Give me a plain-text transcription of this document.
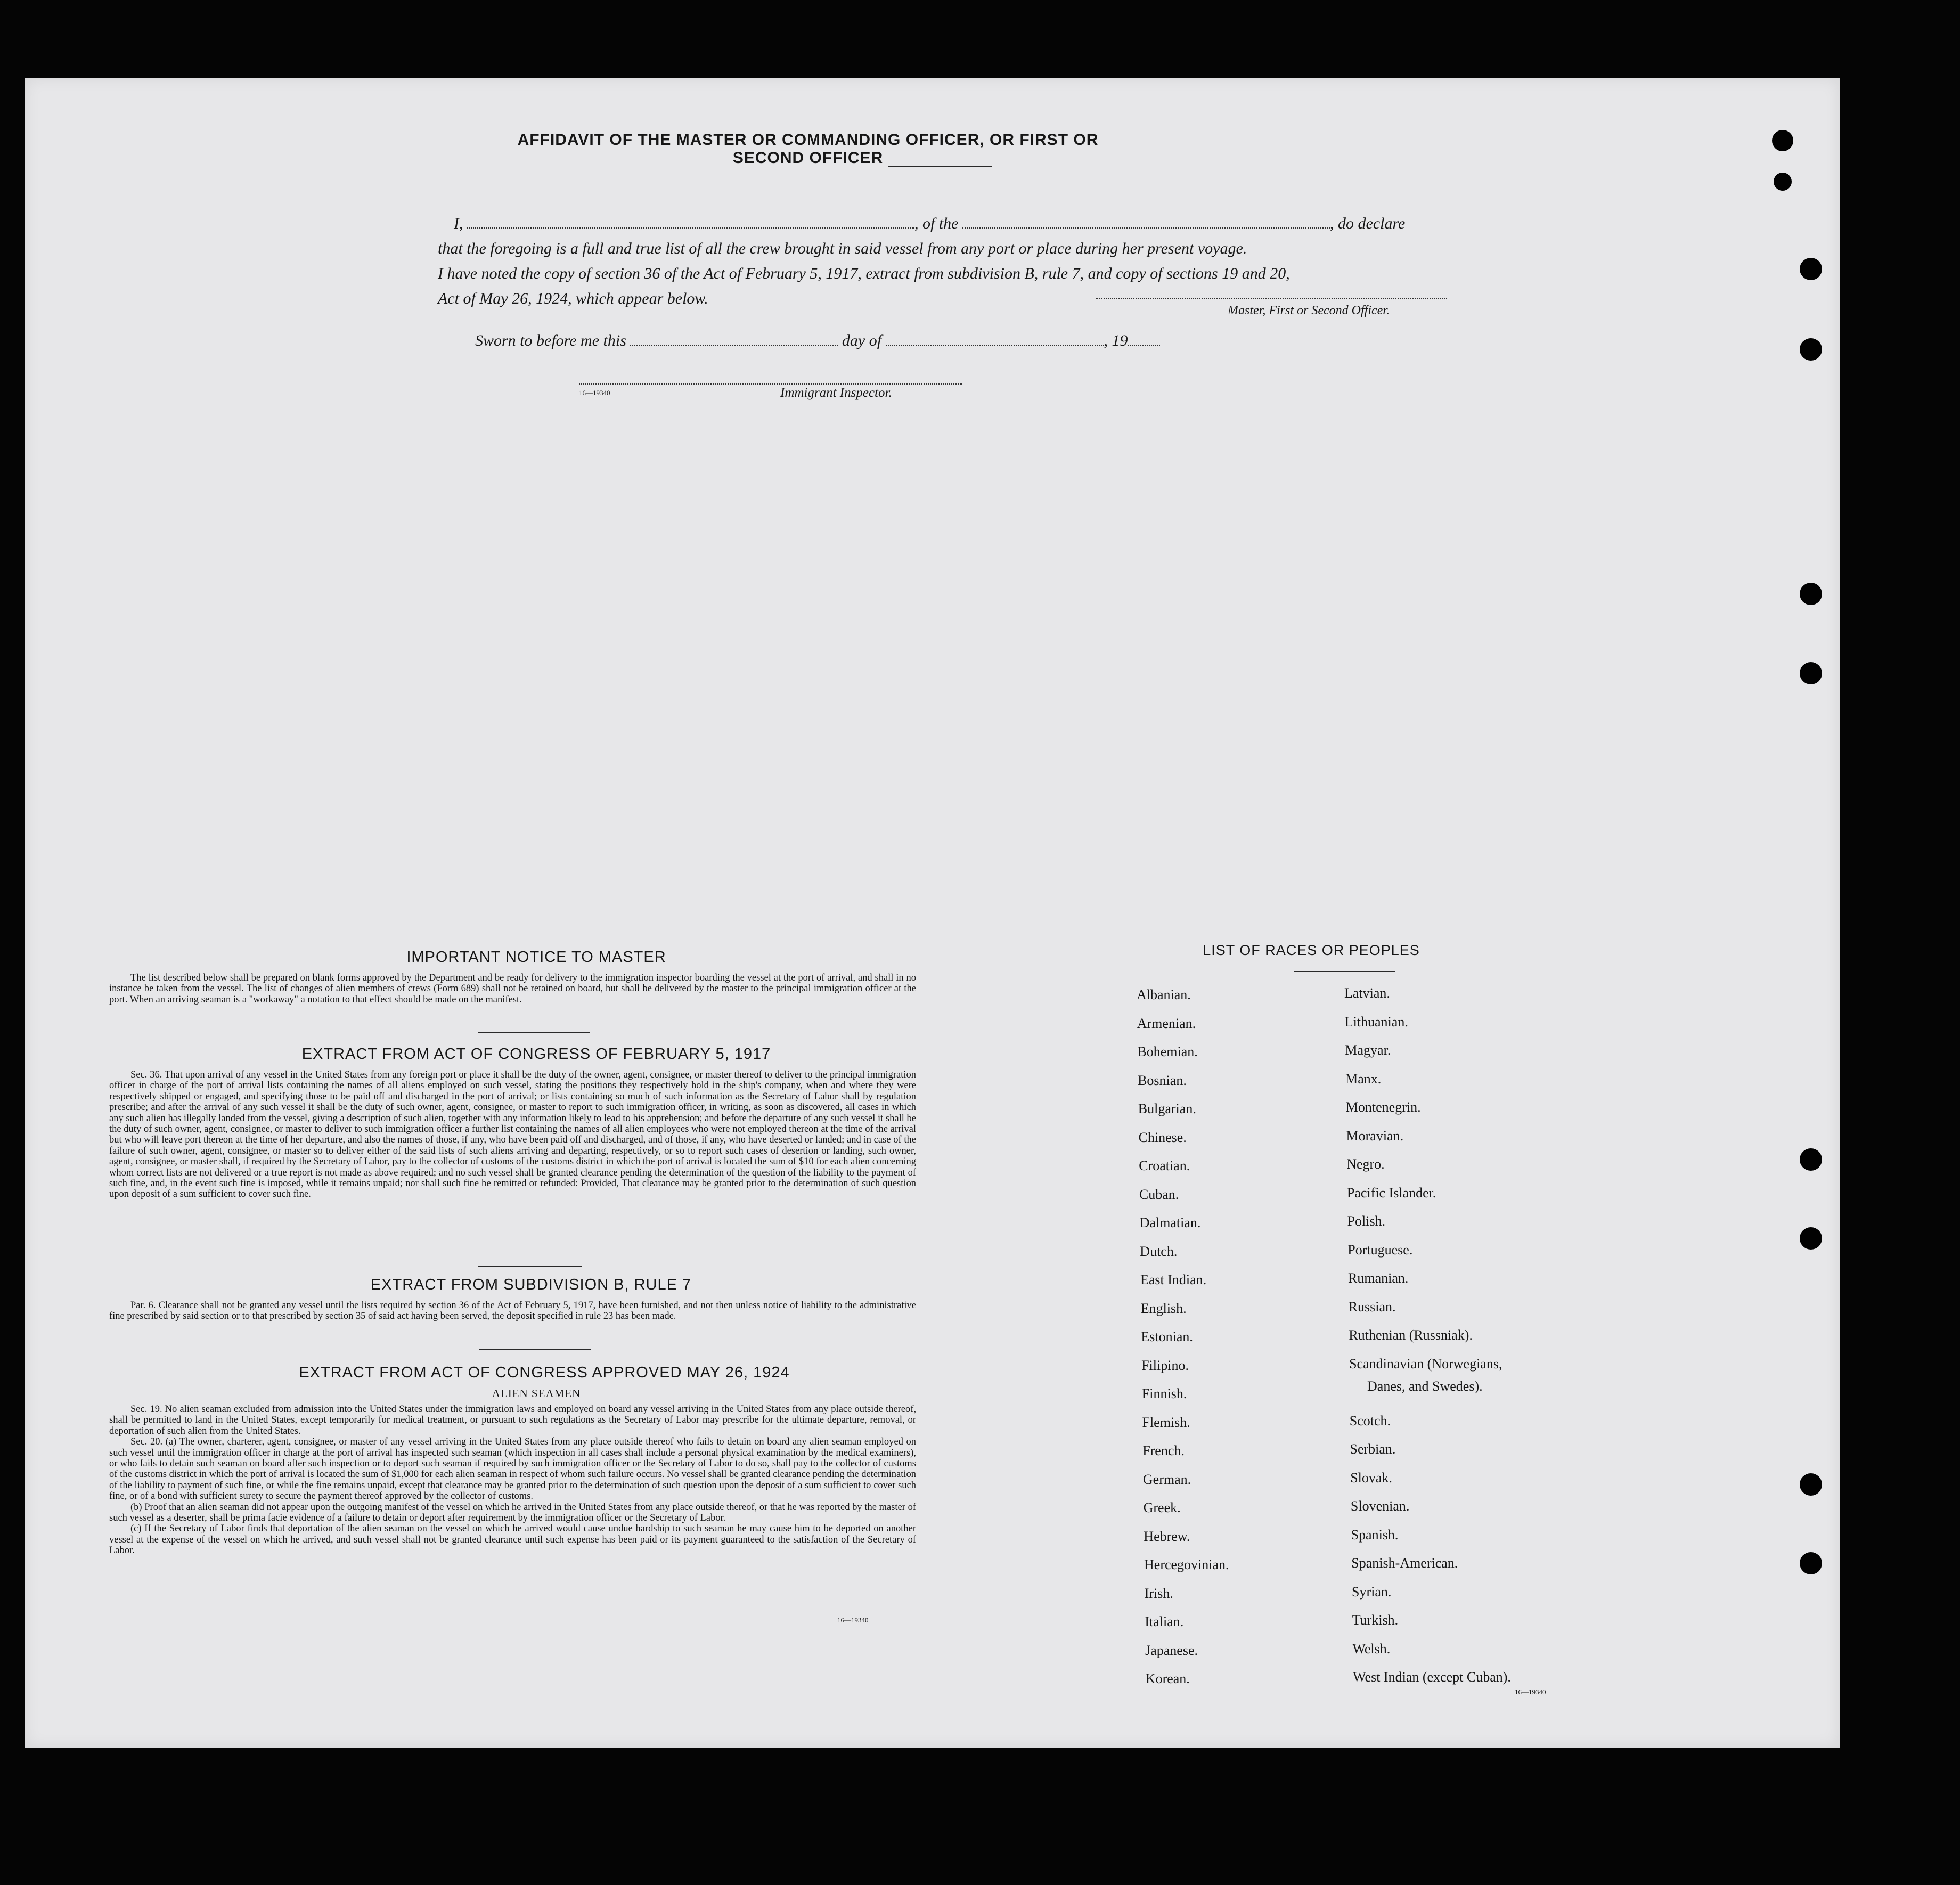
AFFIDAVIT OF THE MASTER OR COMMANDING OFFICER, OR FIRST OR SECOND OFFICER
I,	, of the	, do declare
that the foregoing is a full and true list of all the crew brought in said vessel from any port or place during her present voyage.
I have noted the copy of section 36 of the Act of February 5, 1917, extract from subdivision B, rule 7, and copy of sections 19 and 20,
Act of May 26, 1924, which appear below.
Master, First or Second Officer.
Sworn to before me this	day of	, 19
16—19340	Immigrant Inspector.
IMPORTANT NOTICE TO MASTER

The list described below shall be prepared on blank forms approved by the Department and be ready for delivery to the immigration inspector boarding the vessel at the port of arrival, and shall in no instance be taken from the vessel. The list of changes of alien members of crews (Form 689) shall not be retained on board, but shall be delivered by the master to the principal immigration officer at the port. When an arriving seaman is a "workaway" a notation to that effect should be made on the manifest.

EXTRACT FROM ACT OF CONGRESS OF FEBRUARY 5, 1917

Sec. 36. That upon arrival of any vessel in the United States from any foreign port or place it shall be the duty of the owner, agent, consignee, or master thereof to deliver to the principal immigration officer in charge of the port of arrival lists containing the names of all aliens employed on such vessel, stating the positions they respectively hold in the ship's company, when and where they were respectively shipped or engaged, and specifying those to be paid off and discharged in the port of arrival; or lists containing so much of such information as the Secretary of Labor shall by regulation prescribe; and after the arrival of any such vessel it shall be the duty of such owner, agent, consignee, or master to report to such immigration officer, in writing, as soon as discovered, all cases in which any such alien has illegally landed from the vessel, giving a description of such alien, together with any information likely to lead to his apprehension; and before the departure of any such vessel it shall be the duty of such owner, agent, consignee, or master to deliver to such immigration officer a further list containing the names of all alien employees who were not employed thereon at the time of the arrival but who will leave port thereon at the time of her departure, and also the names of those, if any, who have been paid off and discharged, and of those, if any, who have deserted or landed; and in case of the failure of such owner, agent, consignee, or master so to deliver either of the said lists of such aliens arriving and departing, respectively, or so to report such cases of desertion or landing, such owner, agent, consignee, or master shall, if required by the Secretary of Labor, pay to the collector of customs of the customs district in which the port of arrival is located the sum of $10 for each alien concerning whom correct lists are not delivered or a true report is not made as above required; and no such vessel shall be granted clearance pending the determination of the question of the liability to the payment of such fine, and, in the event such fine is imposed, while it remains unpaid; nor shall such fine be remitted or refunded: Provided, That clearance may be granted prior to the determination of such question upon deposit of a sum sufficient to cover such fine.

EXTRACT FROM SUBDIVISION B, RULE 7

Par. 6. Clearance shall not be granted any vessel until the lists required by section 36 of the Act of February 5, 1917, have been furnished, and not then unless notice of liability to the administrative fine prescribed by said section or to that prescribed by section 35 of said act having been served, the deposit specified in rule 23 has been made.

EXTRACT FROM ACT OF CONGRESS APPROVED MAY 26, 1924
ALIEN SEAMEN

Sec. 19. No alien seaman excluded from admission into the United States under the immigration laws and employed on board any vessel arriving in the United States from any place outside thereof, shall be permitted to land in the United States, except temporarily for medical treatment, or pursuant to such regulations as the Secretary of Labor may prescribe for the ultimate departure, removal, or deportation of such alien from the United States.

Sec. 20. (a) The owner, charterer, agent, consignee, or master of any vessel arriving in the United States from any place outside thereof who fails to detain on board any alien seaman employed on such vessel until the immigration officer in charge at the port of arrival has inspected such seaman (which inspection in all cases shall include a personal physical examination by the medical examiners), or who fails to detain such seaman on board after such inspection or to deport such seaman if required by such immigration officer or the Secretary of Labor to do so, shall pay to the collector of customs of the customs district in which the port of arrival is located the sum of $1,000 for each alien seaman in respect of whom such failure occurs. No vessel shall be granted clearance pending the determination of the liability to payment of such fine, or while the fine remains unpaid, except that clearance may be granted prior to the determination of such question upon the deposit of a sum sufficient to cover such fine, or of a bond with sufficient surety to secure the payment thereof approved by the collector of customs.

(b) Proof that an alien seaman did not appear upon the outgoing manifest of the vessel on which he arrived in the United States from any place outside thereof, or that he was reported by the master of such vessel as a deserter, shall be prima facie evidence of a failure to detain or deport after requirement by the immigration officer or the Secretary of Labor.

(c) If the Secretary of Labor finds that deportation of the alien seaman on the vessel on which he arrived would cause undue hardship to such seaman he may cause him to be deported on another vessel at the expense of the vessel on which he arrived, and such vessel shall not be granted clearance until such expense has been paid or its payment guaranteed to the satisfaction of the Secretary of Labor.

16—19340
LIST OF RACES OR PEOPLES
Danes, and Swedes).
16—19340
Albanian.
Armenian.
Bohemian.
Bosnian.
Bulgarian.
Chinese.
Croatian.
Cuban.
Dalmatian.
Dutch.
East Indian.
English.
Estonian.
Filipino.
Finnish.
Flemish.
French.
German.
Greek.
Hebrew.
Hercegovinian.
Irish.
Italian.
Japanese.
Korean.
Latvian.
Lithuanian.
Magyar.
Manx.
Montenegrin.
Moravian.
Negro.
Pacific Islander.
Polish.
Portuguese.
Rumanian.
Russian.
Ruthenian (Russniak).
Scandinavian (Norwegians,
Scotch.
Serbian.
Slovak.
Slovenian.
Spanish.
Spanish-American.
Syrian.
Turkish.
Welsh.
West Indian (except Cuban).
